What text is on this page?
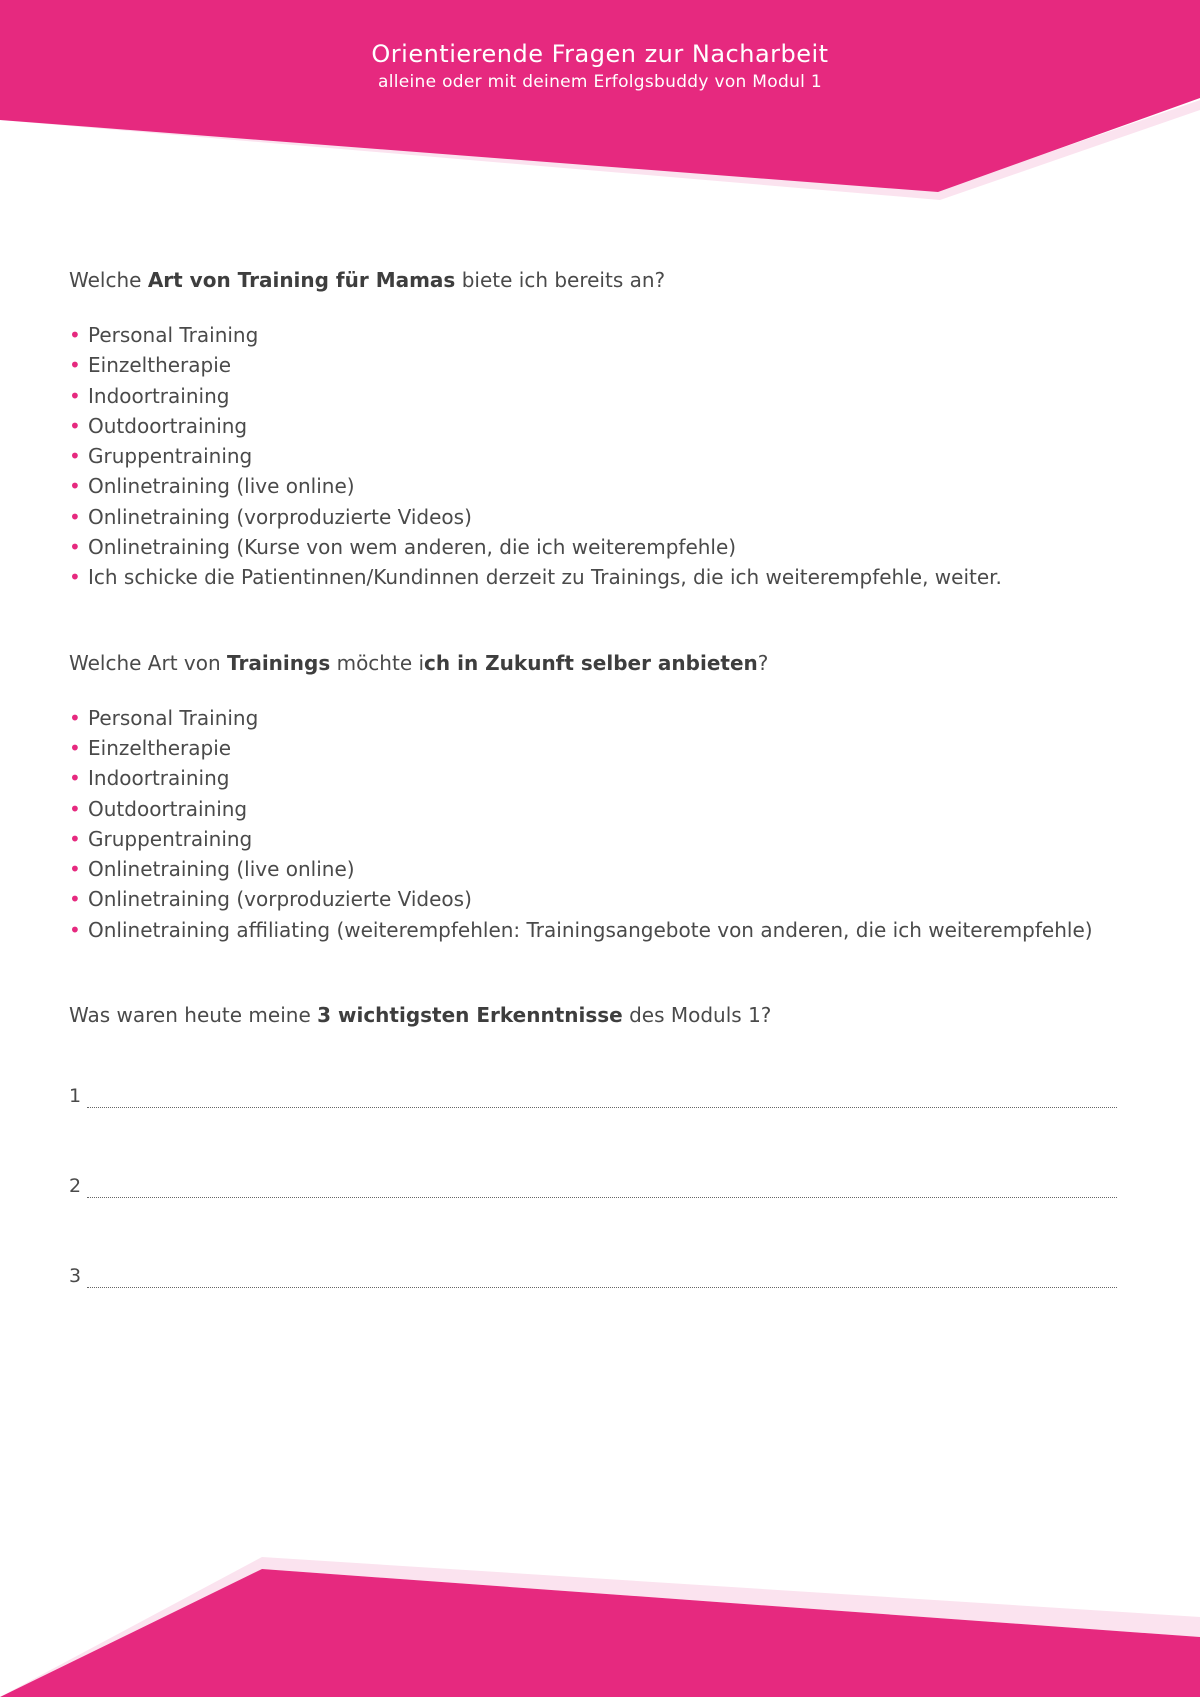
Orientierende Fragen zur Nacharbeit
alleine oder mit deinem Erfolgsbuddy von Modul 1

Welche Art von Training für Mamas biete ich bereits an?

• Personal Training
• Einzeltherapie
• Indoortraining
• Outdoortraining
• Gruppentraining
• Onlinetraining (live online)
• Onlinetraining (vorproduzierte Videos)
• Onlinetraining (Kurse von wem anderen, die ich weiterempfehle)
• Ich schicke die Patientinnen/Kundinnen derzeit zu Trainings, die ich weiterempfehle, weiter.

Welche Art von Trainings möchte ich in Zukunft selber anbieten?

• Personal Training
• Einzeltherapie
• Indoortraining
• Outdoortraining
• Gruppentraining
• Onlinetraining (live online)
• Onlinetraining (vorproduzierte Videos)
• Onlinetraining affiliating (weiterempfehlen: Trainingsangebote von anderen, die ich weiterempfehle)

Was waren heute meine 3 wichtigsten Erkenntnisse des Moduls 1?

1
2
3
